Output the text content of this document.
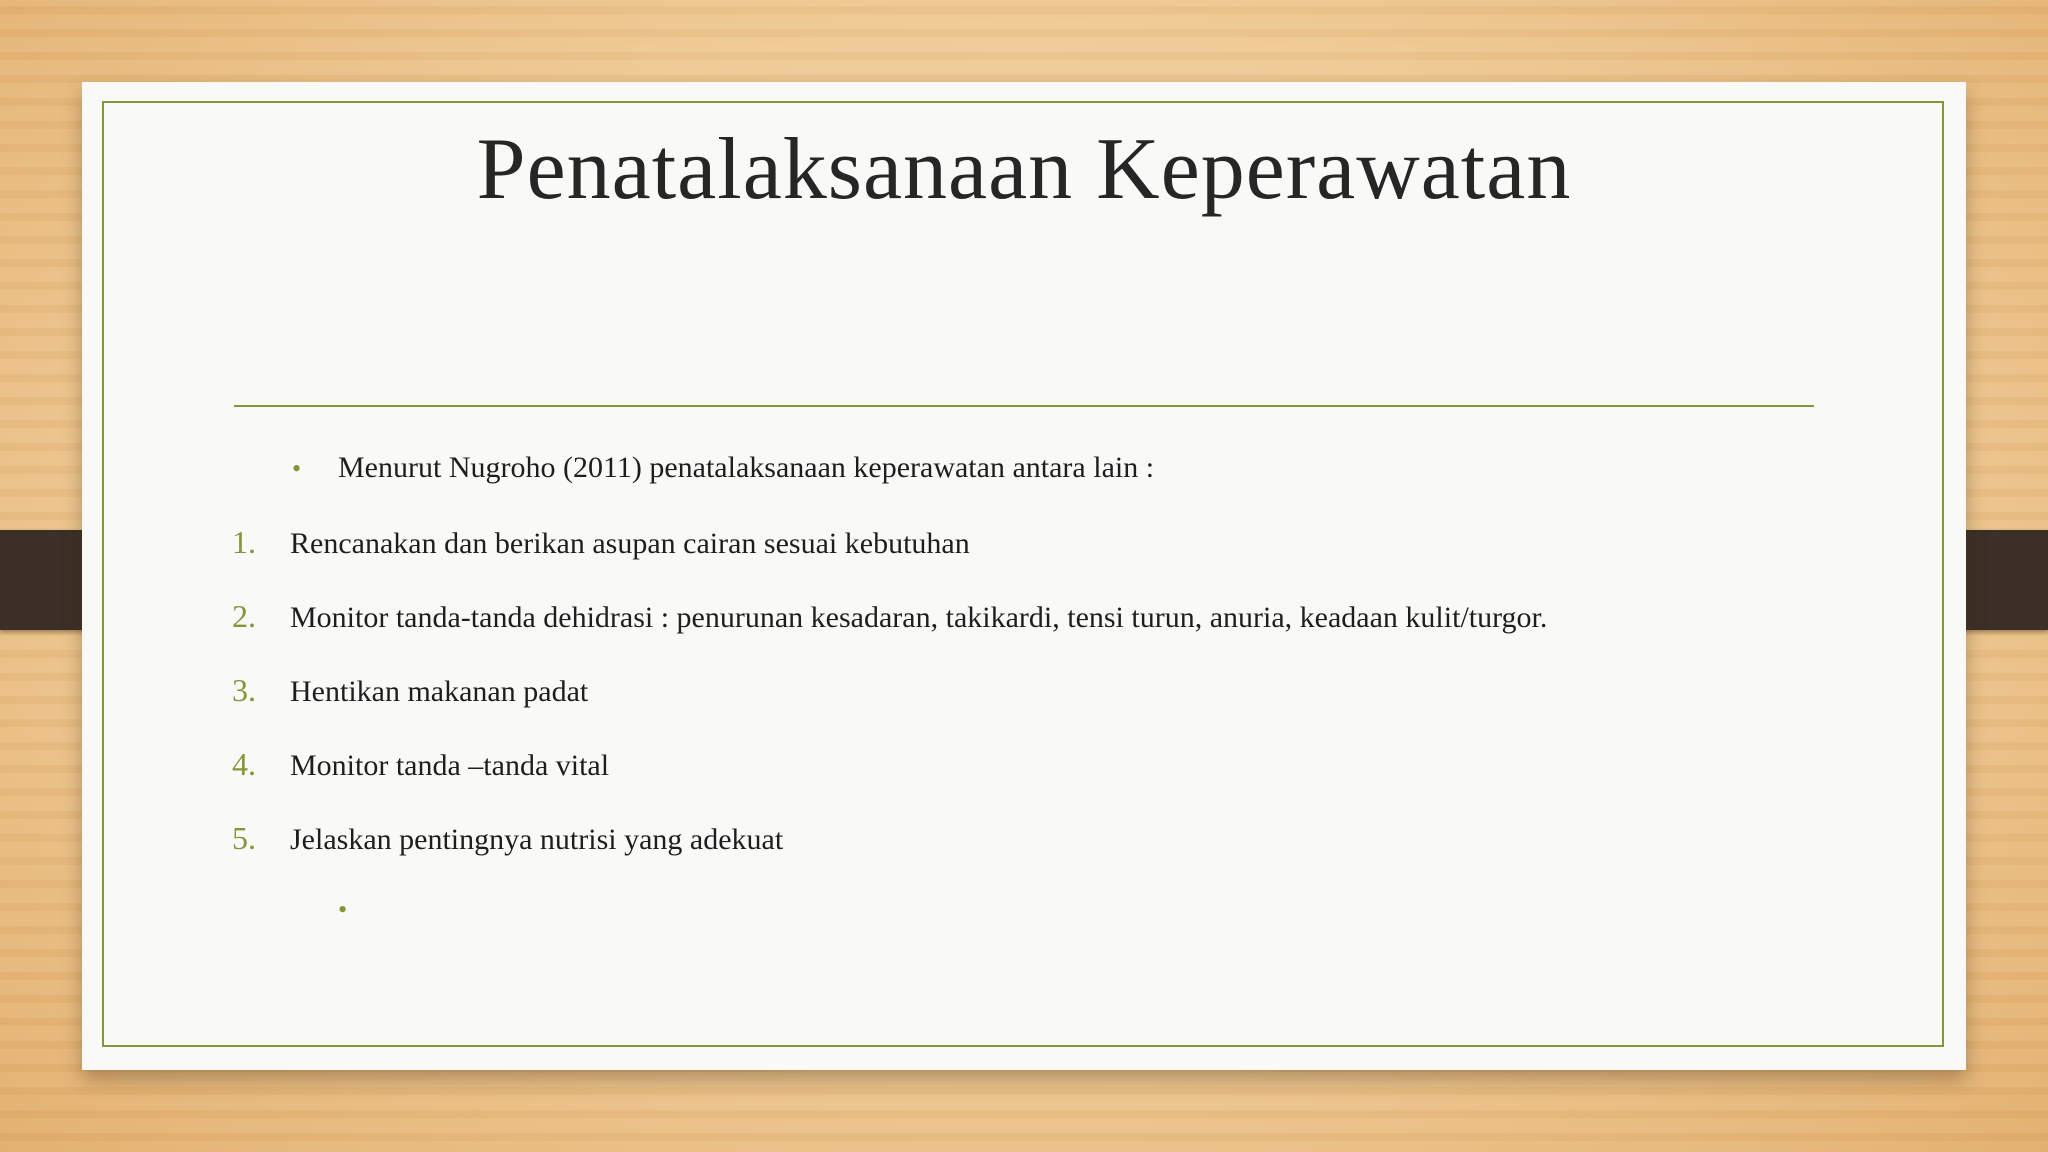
Penatalaksanaan Keperawatan
• Menurut Nugroho (2011) penatalaksanaan keperawatan antara lain :
1. Rencanakan dan berikan asupan cairan sesuai kebutuhan
2. Monitor tanda-tanda dehidrasi : penurunan kesadaran, takikardi, tensi turun, anuria, keadaan kulit/turgor.
3. Hentikan makanan padat
4. Monitor tanda –tanda vital
5. Jelaskan pentingnya nutrisi yang adekuat
•
